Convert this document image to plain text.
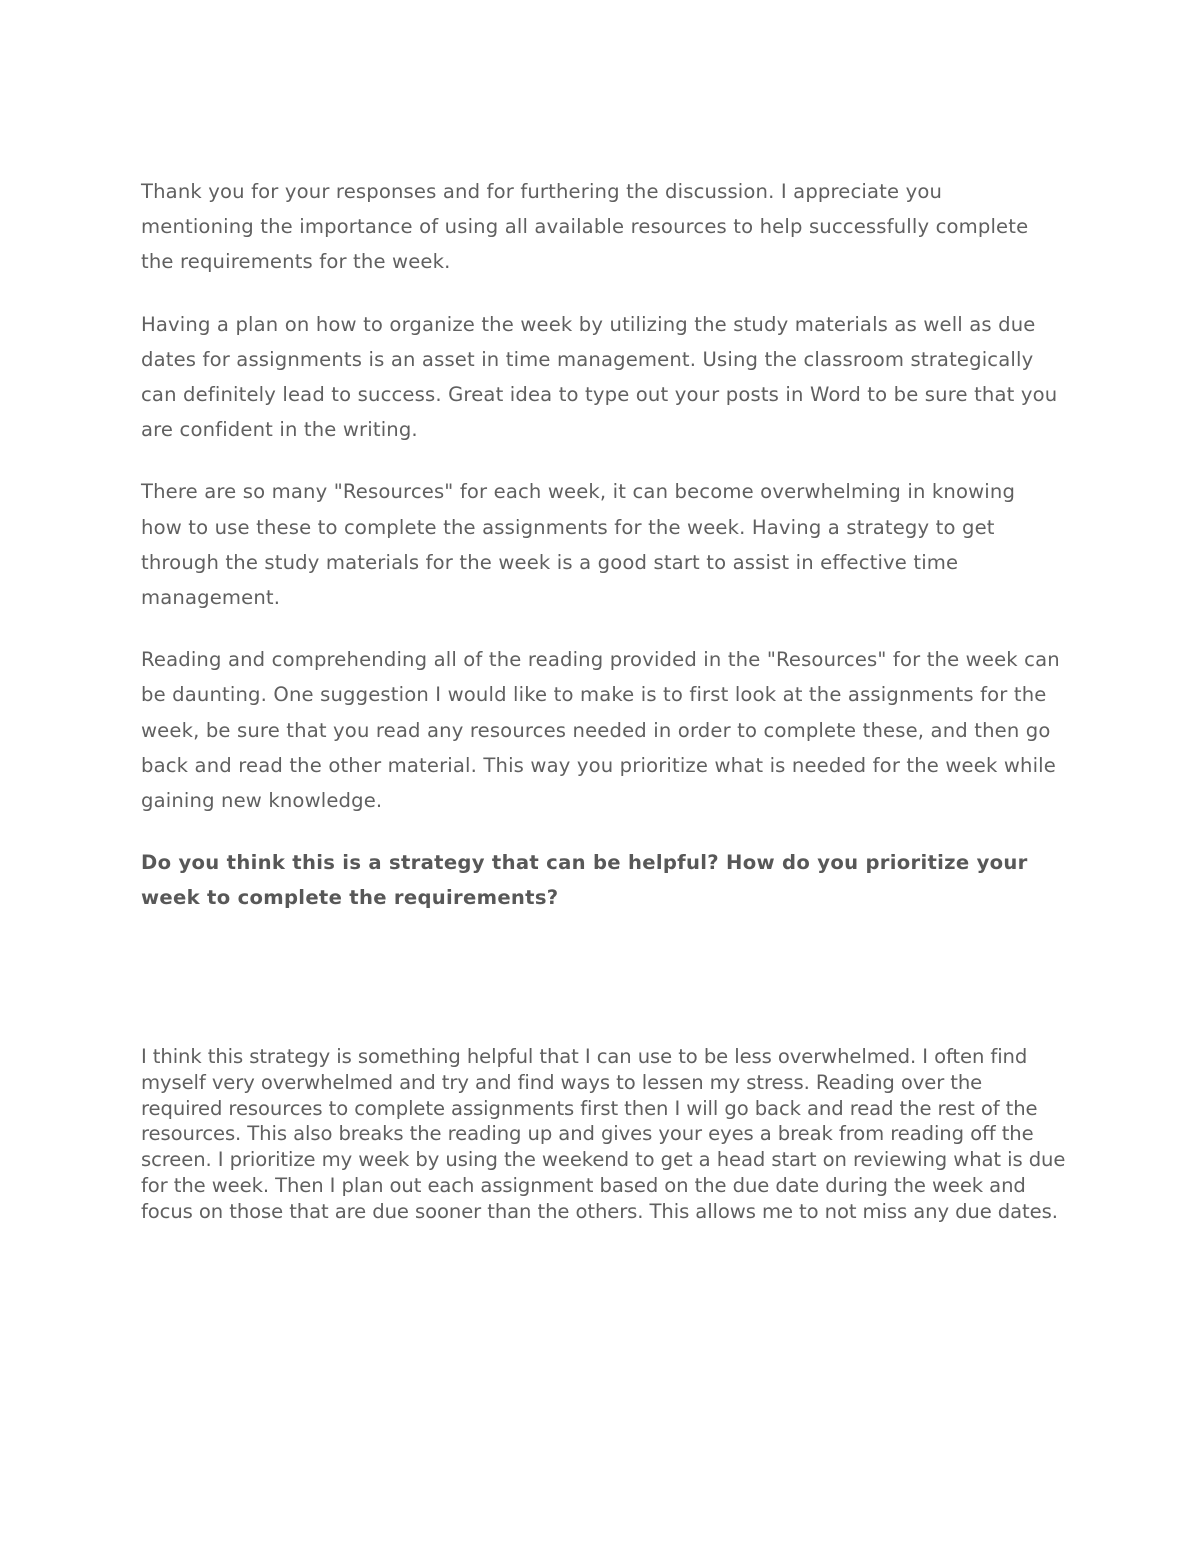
Thank you for your responses and for furthering the discussion. I appreciate you mentioning the importance of using all available resources to help successfully complete the requirements for the week.

Having a plan on how to organize the week by utilizing the study materials as well as due dates for assignments is an asset in time management. Using the classroom strategically can definitely lead to success. Great idea to type out your posts in Word to be sure that you are confident in the writing.

There are so many "Resources" for each week, it can become overwhelming in knowing how to use these to complete the assignments for the week. Having a strategy to get through the study materials for the week is a good start to assist in effective time management.

Reading and comprehending all of the reading provided in the "Resources" for the week can be daunting. One suggestion I would like to make is to first look at the assignments for the week, be sure that you read any resources needed in order to complete these, and then go back and read the other material. This way you prioritize what is needed for the week while gaining new knowledge.

Do you think this is a strategy that can be helpful? How do you prioritize your week to complete the requirements?

I think this strategy is something helpful that I can use to be less overwhelmed. I often find myself very overwhelmed and try and find ways to lessen my stress. Reading over the required resources to complete assignments first then I will go back and read the rest of the resources. This also breaks the reading up and gives your eyes a break from reading off the screen. I prioritize my week by using the weekend to get a head start on reviewing what is due for the week. Then I plan out each assignment based on the due date during the week and focus on those that are due sooner than the others. This allows me to not miss any due dates.
